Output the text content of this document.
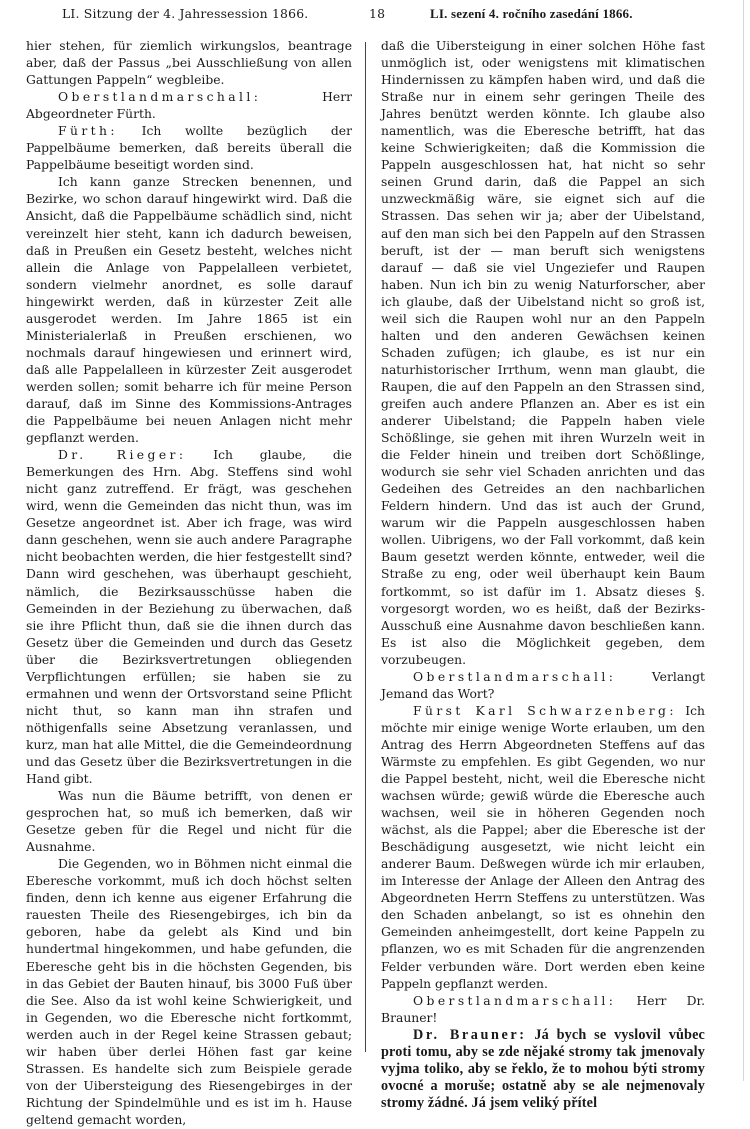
LI. Sitzung der 4. Jahressession 1866.	18	LI. sezení 4. ročního zasedání 1866.

hier stehen, für ziemlich wirkungslos, beantrage aber, daß der Passus „bei Ausschließung von allen Gattungen Pappeln“ wegbleibe.

Oberstlandmarschall: Herr Abgeordneter Fürth.

Fürth: Ich wollte bezüglich der Pappelbäume bemerken, daß bereits überall die Pappelbäume beseitigt worden sind.

Ich kann ganze Strecken benennen, und Bezirke, wo schon darauf hingewirkt wird. Daß die Ansicht, daß die Pappelbäume schädlich sind, nicht vereinzelt hier steht, kann ich dadurch beweisen, daß in Preußen ein Gesetz besteht, welches nicht allein die Anlage von Pappelalleen verbietet, sondern vielmehr anordnet, es solle darauf hingewirkt werden, daß in kürzester Zeit alle ausgerodet werden. Im Jahre 1865 ist ein Ministerialerlaß in Preußen erschienen, wo nochmals darauf hingewiesen und erinnert wird, daß alle Pappelalleen in kürzester Zeit ausgerodet werden sollen; somit beharre ich für meine Person darauf, daß im Sinne des Kommissions-Antrages die Pappelbäume bei neuen Anlagen nicht mehr gepflanzt werden.

Dr. Rieger: Ich glaube, die Bemerkungen des Hrn. Abg. Steffens sind wohl nicht ganz zutreffend. Er frägt, was geschehen wird, wenn die Gemeinden das nicht thun, was im Gesetze angeordnet ist. Aber ich frage, was wird dann geschehen, wenn sie auch andere Paragraphe nicht beobachten werden, die hier festgestellt sind? Dann wird geschehen, was überhaupt geschieht, nämlich, die Bezirksausschüsse haben die Gemeinden in der Beziehung zu überwachen, daß sie ihre Pflicht thun, daß sie die ihnen durch das Gesetz über die Gemeinden und durch das Gesetz über die Bezirksvertretungen obliegenden Verpflichtungen erfüllen; sie haben sie zu ermahnen und wenn der Ortsvorstand seine Pflicht nicht thut, so kann man ihn strafen und nöthigenfalls seine Absetzung veranlassen, und kurz, man hat alle Mittel, die die Gemeindeordnung und das Gesetz über die Bezirksvertretungen in die Hand gibt.

Was nun die Bäume betrifft, von denen er gesprochen hat, so muß ich bemerken, daß wir Gesetze geben für die Regel und nicht für die Ausnahme.

Die Gegenden, wo in Böhmen nicht einmal die Eberesche vorkommt, muß ich doch höchst selten finden, denn ich kenne aus eigener Erfahrung die rauesten Theile des Riesengebirges, ich bin da geboren, habe da gelebt als Kind und bin hundertmal hingekommen, und habe gefunden, die Eberesche geht bis in die höchsten Gegenden, bis in das Gebiet der Bauten hinauf, bis 3000 Fuß über die See. Also da ist wohl keine Schwierigkeit, und in Gegenden, wo die Eberesche nicht fortkommt, werden auch in der Regel keine Strassen gebaut; wir haben über derlei Höhen fast gar keine Strassen. Es handelte sich zum Beispiele gerade von der Uibersteigung des Riesengebirges in der Richtung der Spindelmühle und es ist im h. Hause geltend gemacht worden,

daß die Uibersteigung in einer solchen Höhe fast unmöglich ist, oder wenigstens mit klimatischen Hindernissen zu kämpfen haben wird, und daß die Straße nur in einem sehr geringen Theile des Jahres benützt werden könnte. Ich glaube also namentlich, was die Eberesche betrifft, hat das keine Schwierigkeiten; daß die Kommission die Pappeln ausgeschlossen hat, hat nicht so sehr seinen Grund darin, daß die Pappel an sich unzweckmäßig wäre, sie eignet sich auf die Strassen. Das sehen wir ja; aber der Uibelstand, auf den man sich bei den Pappeln auf den Strassen beruft, ist der — man beruft sich wenigstens darauf — daß sie viel Ungeziefer und Raupen haben. Nun ich bin zu wenig Naturforscher, aber ich glaube, daß der Uibelstand nicht so groß ist, weil sich die Raupen wohl nur an den Pappeln halten und den anderen Gewächsen keinen Schaden zufügen; ich glaube, es ist nur ein naturhistorischer Irrthum, wenn man glaubt, die Raupen, die auf den Pappeln an den Strassen sind, greifen auch andere Pflanzen an. Aber es ist ein anderer Uibelstand; die Pappeln haben viele Schößlinge, sie gehen mit ihren Wurzeln weit in die Felder hinein und treiben dort Schößlinge, wodurch sie sehr viel Schaden anrichten und das Gedeihen des Getreides an den nachbarlichen Feldern hindern. Und das ist auch der Grund, warum wir die Pappeln ausgeschlossen haben wollen. Uibrigens, wo der Fall vorkommt, daß kein Baum gesetzt werden könnte, entweder, weil die Straße zu eng, oder weil überhaupt kein Baum fortkommt, so ist dafür im 1. Absatz dieses §. vorgesorgt worden, wo es heißt, daß der Bezirks-Ausschuß eine Ausnahme davon beschließen kann. Es ist also die Möglichkeit gegeben, dem vorzubeugen.

Oberstlandmarschall: Verlangt Jemand das Wort?

Fürst Karl Schwarzenberg: Ich möchte mir einige wenige Worte erlauben, um den Antrag des Herrn Abgeordneten Steffens auf das Wärmste zu empfehlen. Es gibt Gegenden, wo nur die Pappel besteht, nicht, weil die Eberesche nicht wachsen würde; gewiß würde die Eberesche auch wachsen, weil sie in höheren Gegenden noch wächst, als die Pappel; aber die Eberesche ist der Beschädigung ausgesetzt, wie nicht leicht ein anderer Baum. Deßwegen würde ich mir erlauben, im Interesse der Anlage der Alleen den Antrag des Abgeordneten Herrn Steffens zu unterstützen. Was den Schaden anbelangt, so ist es ohnehin den Gemeinden anheimgestellt, dort keine Pappeln zu pflanzen, wo es mit Schaden für die angrenzenden Felder verbunden wäre. Dort werden eben keine Pappeln gepflanzt werden.

Oberstlandmarschall: Herr Dr. Brauner!

Dr. Brauner: Já bych se vyslovil vůbec proti tomu, aby se zde nějaké stromy tak jmenovaly vyjma toliko, aby se řeklo, že to mohou býti stromy ovocné a moruše; ostatně aby se ale nejmenovaly stromy žádné. Já jsem veliký přítel
